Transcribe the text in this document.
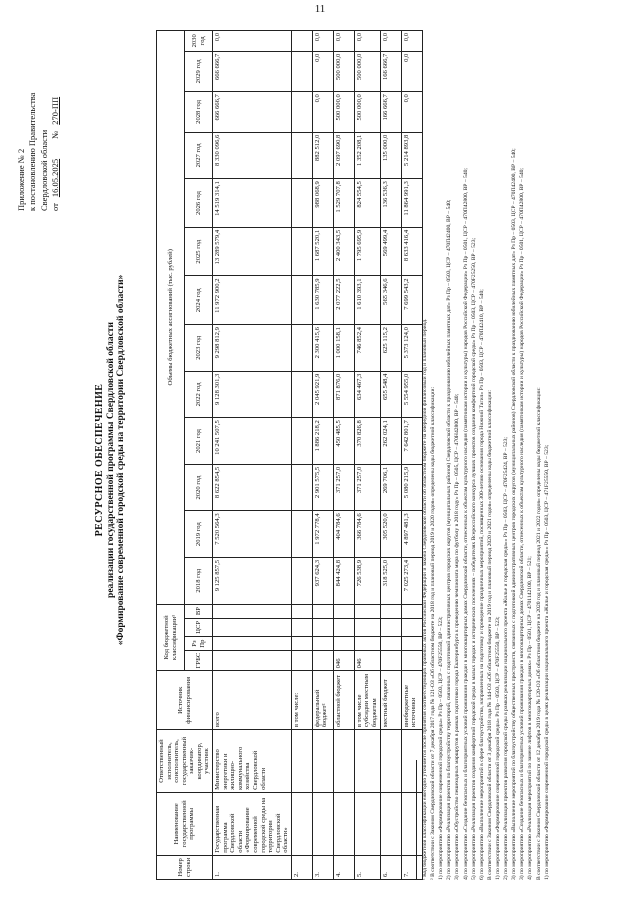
11
Приложение № 2 к постановлению Правительства Свердловской области от
16.05.2025
№
270-ПП
РЕСУРСНОЕ ОБЕСПЕЧЕНИЕ реализации государственной программы Свердловской области «Формирование современной городской среды на территории Свердловской области»
Номер строки	Наименование государственной программы	Ответственный исполнитель, соисполнитель, государственный заказчик-координатор, участник	Источник финансирования	Код бюджетной классификации¹				Объемы бюджетных ассигнований (тыс. рублей)												
				ГРБС	Рз Пр	ЦСР	ВР	2018 год	2019 год	2020 год	2021 год	2022 год	2023 год	2024 год	2025 год	2026 год	2027 год	2028 год	2029 год	2030 год
1.	Государственная программа Свердловской области «Формирование современной городской среды на территории Свердловской области»	Министерство энергетики и жилищно-коммунального хозяйства Свердловской области	всего					9 125 857,5	7 520 564,3	8 622 854,5	10 241 507,5	9 128 301,3	9 298 812,9	11 972 900,2	13 289 579,4	14 519 314,1	8 330 096,6	666 666,7	666 666,7	0,0
2.			в том числе:																	
3.			федеральный бюджет²					937 624,3	1 972 778,4	2 901 575,5	1 886 218,2	2 045 921,9	2 300 415,6	1 630 785,9	1 687 520,1	988 068,9	882 512,0	0,0	0,0	0,0
4.			областной бюджет	046				844 424,8	404 784,6	371 257,0	450 485,5	871 876,0	1 000 158,1	2 077 222,5	2 400 343,5	1 529 707,8	2 097 690,8	500 000,0	500 000,0	0,0
5.			в том числе субсидии местным бюджетам	046				726 538,9	366 784,6	371 257,0	370 826,8	634 467,3	746 852,4	1 610 393,1	1 795 695,9	824 554,5	1 352 208,1	500 000,0	500 000,0	0,0
6.			местный бюджет					318 525,0	305 520,0	269 706,1	262 024,1	655 548,4	625 115,2	565 346,6	569 499,4	136 536,3	135 000,0	166 666,7	166 666,7	0,0
7.			внебюджетные источники					7 025 273,4	4 897 481,3	5 080 215,9	7 642 801,7	5 554 955,0	5 373 124,0	7 699 543,2	8 633 416,4	11 864 991,3	5 214 893,8	0,0	0,0	0,0

¹ Код бюджетной классификации ежегодно уточняется после принятия соответствующих правовых актов Российской Федерации и закона Свердловской области об областном бюджете на очередной финансовый год и плановый период. ² В соответствии с Законом Свердловской области от 7 декабря 2017 года № 121-ОЗ «Об областном бюджете на 2018 год и плановый период 2019 и 2020 годов» определены коды бюджетной классификации: 1) по мероприятию «Формирование современной городской среды» Рз Пр – 0503, ЦСР – 470F25550, ВР – 523; 2) по мероприятию «Реализация проектов по благоустройству территорий, связанных с подготовкой административных центров городских округов (муниципальных районов) Свердловской области к празднованию юбилейных памятных дат» Рз Пр – 0503, ЦСР – 470П42400, ВР – 540; 3) по мероприятию «Обустройство пешеходных маршрутов в рамках подготовки города Екатеринбурга к проведению чемпионата мира по футболу в 2018 году» Рз Пр – 0505, ЦСР – 470Н42800, ВР – 540; 4) по мероприятию «Создание безопасных и благоприятных условий проживания граждан в многоквартирных домах Свердловской области, отнесенных к объектам культурного наследия (памятникам истории и культуры) народов Российской Федерации» Рз Пр – 0501, ЦСР – 470П42800, ВР – 540; 5) по мероприятию «Реализация проектов создания комфортной городской среды в малых городах и исторических поселениях – победителях Всероссийского конкурса лучших проектов создания комфортной городской среды» Рз Пр – 0503, ЦСР – 470F25250, ВР – 523; 6) по мероприятию «Выполнение мероприятий в сфере благоустройства, направленных на подготовку и проведение праздничных мероприятий, посвященных 300-летию основания города Нижний Тагил» Рз Пр – 0503, ЦСР – 470П42410, ВР – 540; В соответствии с Законом Свердловской области от 3 декабря 2018 года № 144-ОЗ «Об областном бюджете на 2019 год и плановый период 2020 и 2021 годов» определены коды бюджетной классификации: 1) по мероприятию «Формирование современной городской среды» Рз Пр – 0503, ЦСР – 470F25550, ВР – 523; 2) по мероприятию «Реализация проектов развития городской среды в рамках реализации национального проекта «Жилье и городская среда»» Рз Пр – 0503, ЦСР – 470F25424, ВР – 523; 3) по мероприятию «Выполнение мероприятий по благоустройству общественных пространств, связанных с подготовкой административных центров городских округов (муниципальных районов) Свердловской области к празднованию юбилейных памятных дат» Рз Пр – 0503, ЦСР – 470П42400, ВР – 540; 3) по мероприятию «Создание безопасных и благоприятных условий проживания граждан в многоквартирных домах Свердловской области, отнесенных к объектам культурного наследия (памятникам истории и культуры) народов Российской Федерации» Рз Пр – 0501, ЦСР – 470П42800, ВР – 540; 4) по мероприятию «Реализация мероприятий по замене лифтов в многоквартирных домах» Рз Пр – 0501, ЦСР – 4701142100, ВР – 521; В соответствии с Законом Свердловской области от 12 декабря 2019 года № 120-ОЗ «Об областном бюджете на 2020 год и плановый период 2021 и 2022 годов» определены коды бюджетной классификации: 1) по мероприятию «Формирование современной городской среды в целях реализации национального проекта «Жилье и городская среда»» Рз Пр – 0503, ЦСР – 471F25550, ВР – 523;
